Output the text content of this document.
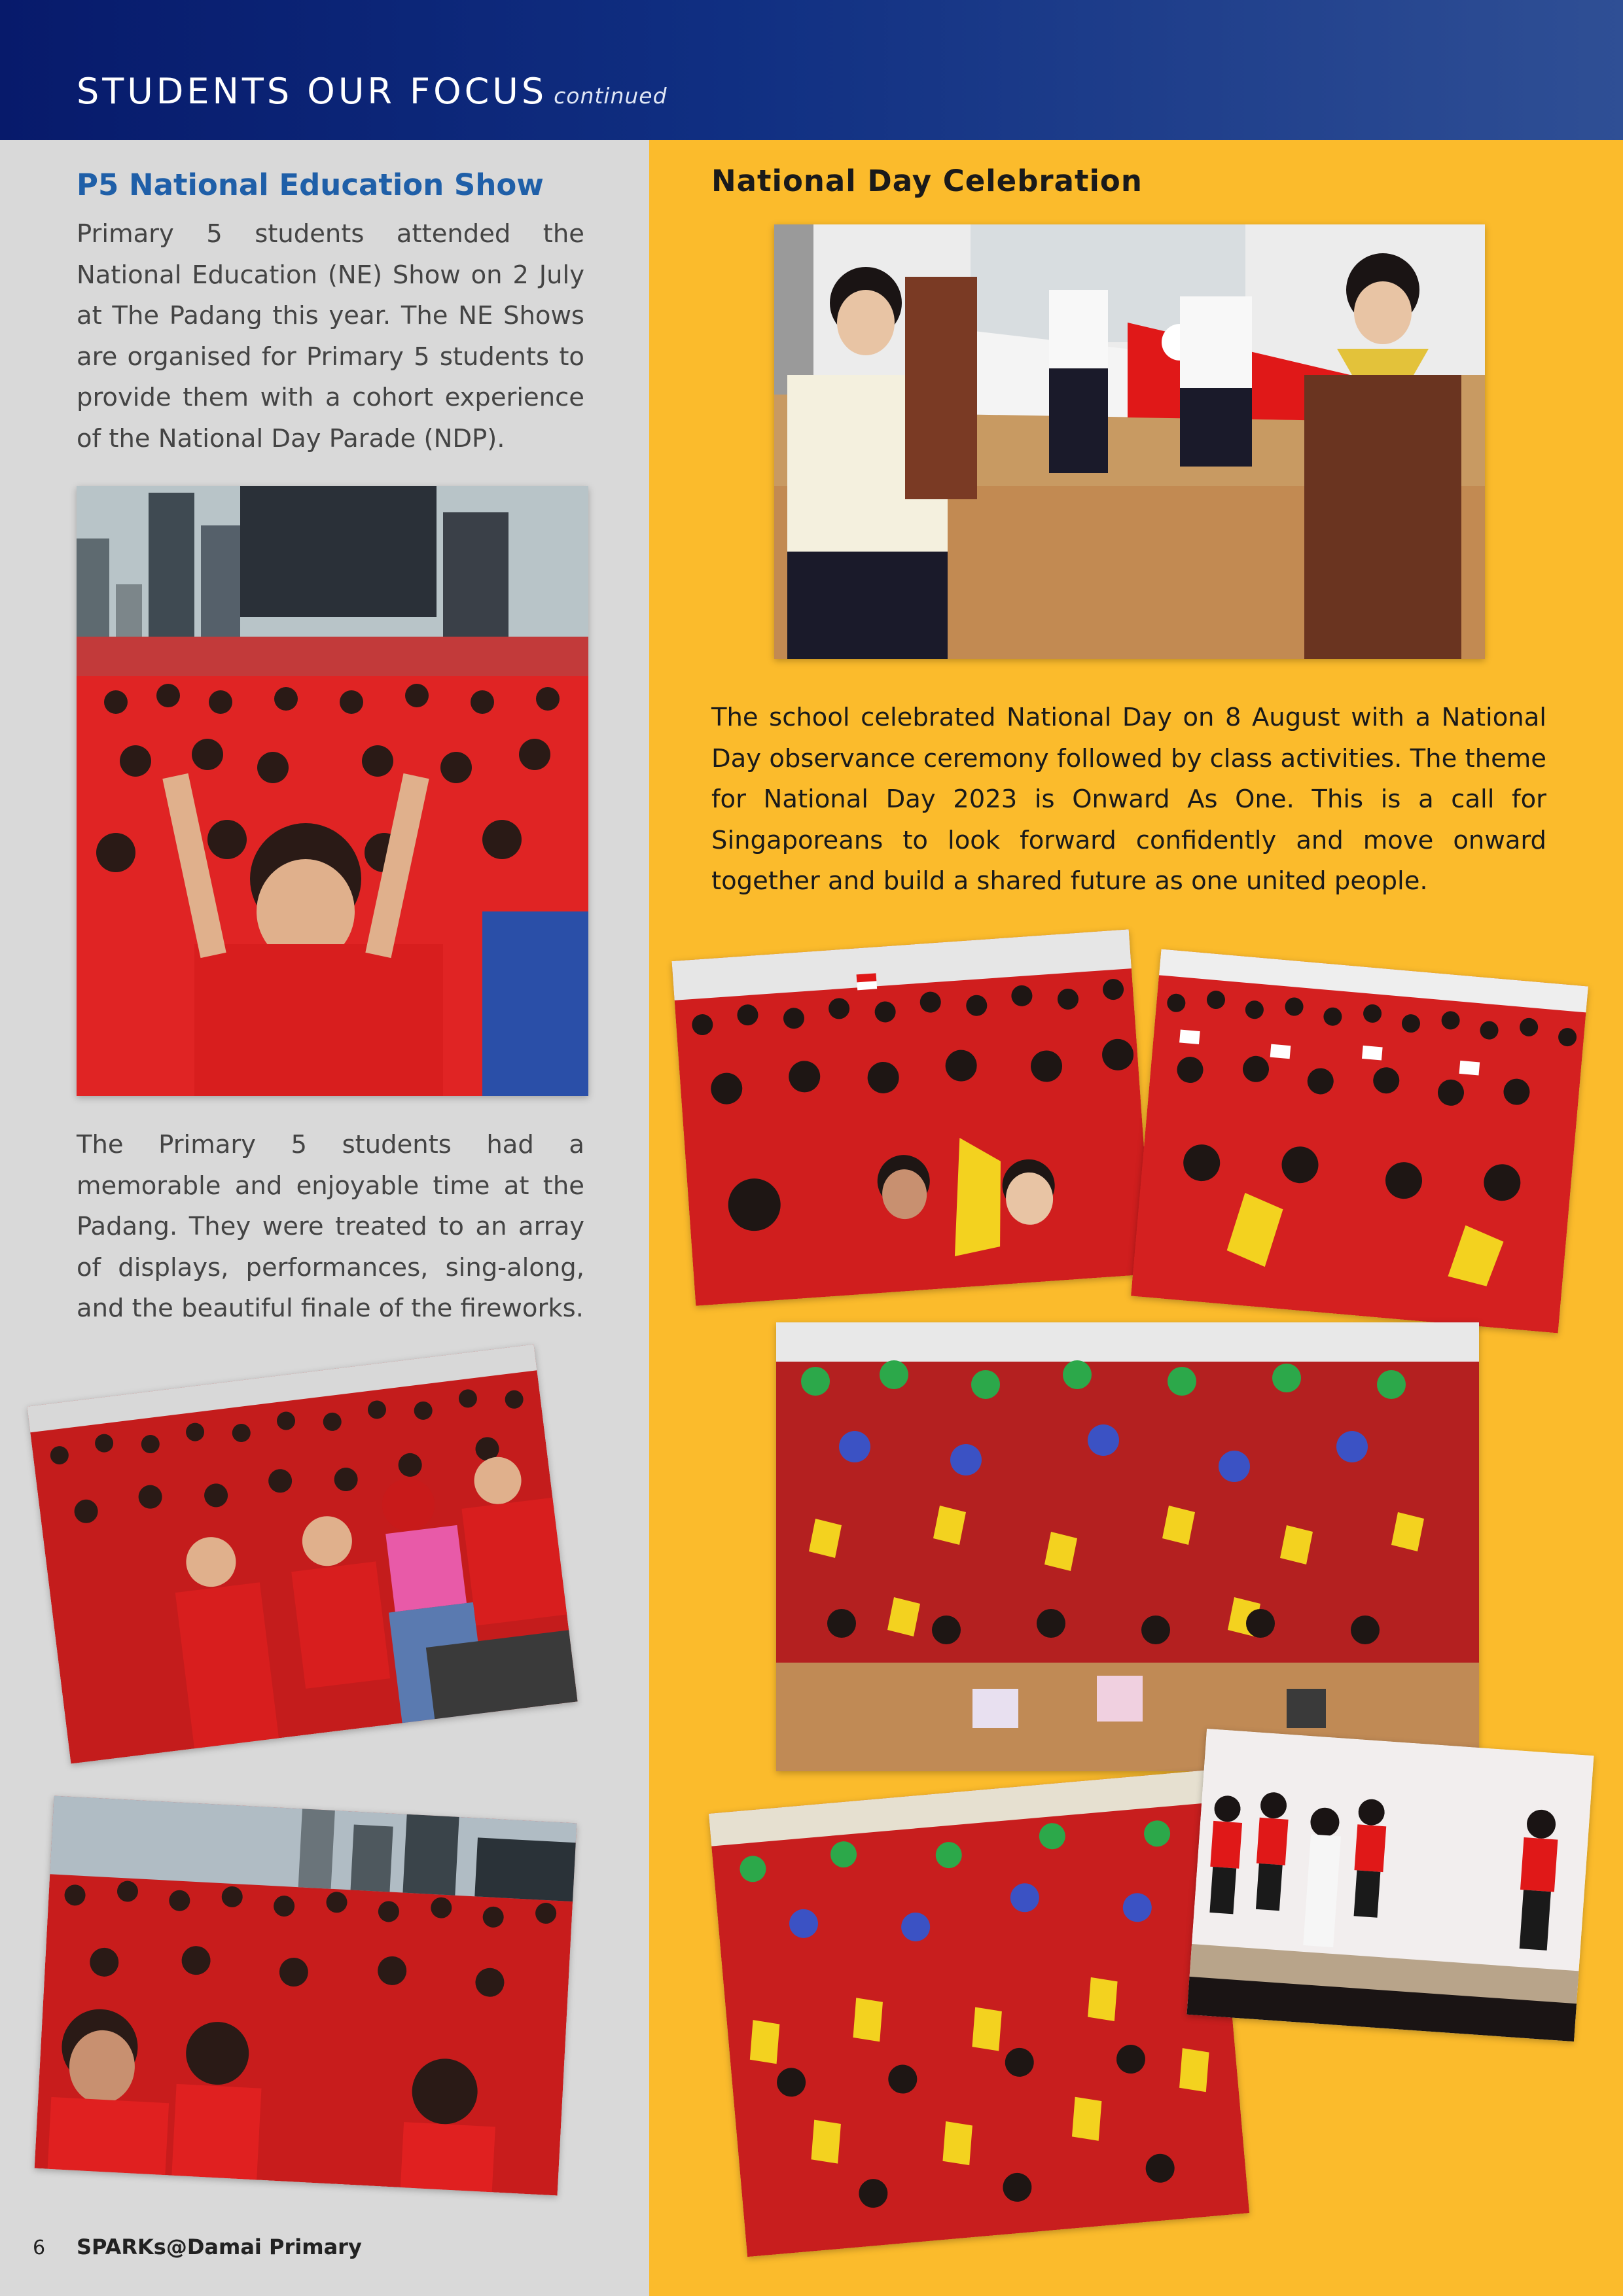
STUDENTS OUR FOCUS continued
P5 National Education Show
Primary 5 students attended the National Education (NE) Show on 2 July at The Padang this year. The NE Shows are organised for Primary 5 students to provide them with a cohort experience of the National Day Parade (NDP).
The Primary 5 students had a memorable and enjoyable time at the Padang. They were treated to an array of displays, performances, sing-along, and the beautiful finale of the fireworks.
National Day Celebration
The school celebrated National Day on 8 August with a National Day observance ceremony followed by class activities. The theme for National Day 2023 is Onward As One. This is a call for Singaporeans to look forward confidently and move onward together and build a shared future as one united people.
6 SPARKs@Damai Primary
